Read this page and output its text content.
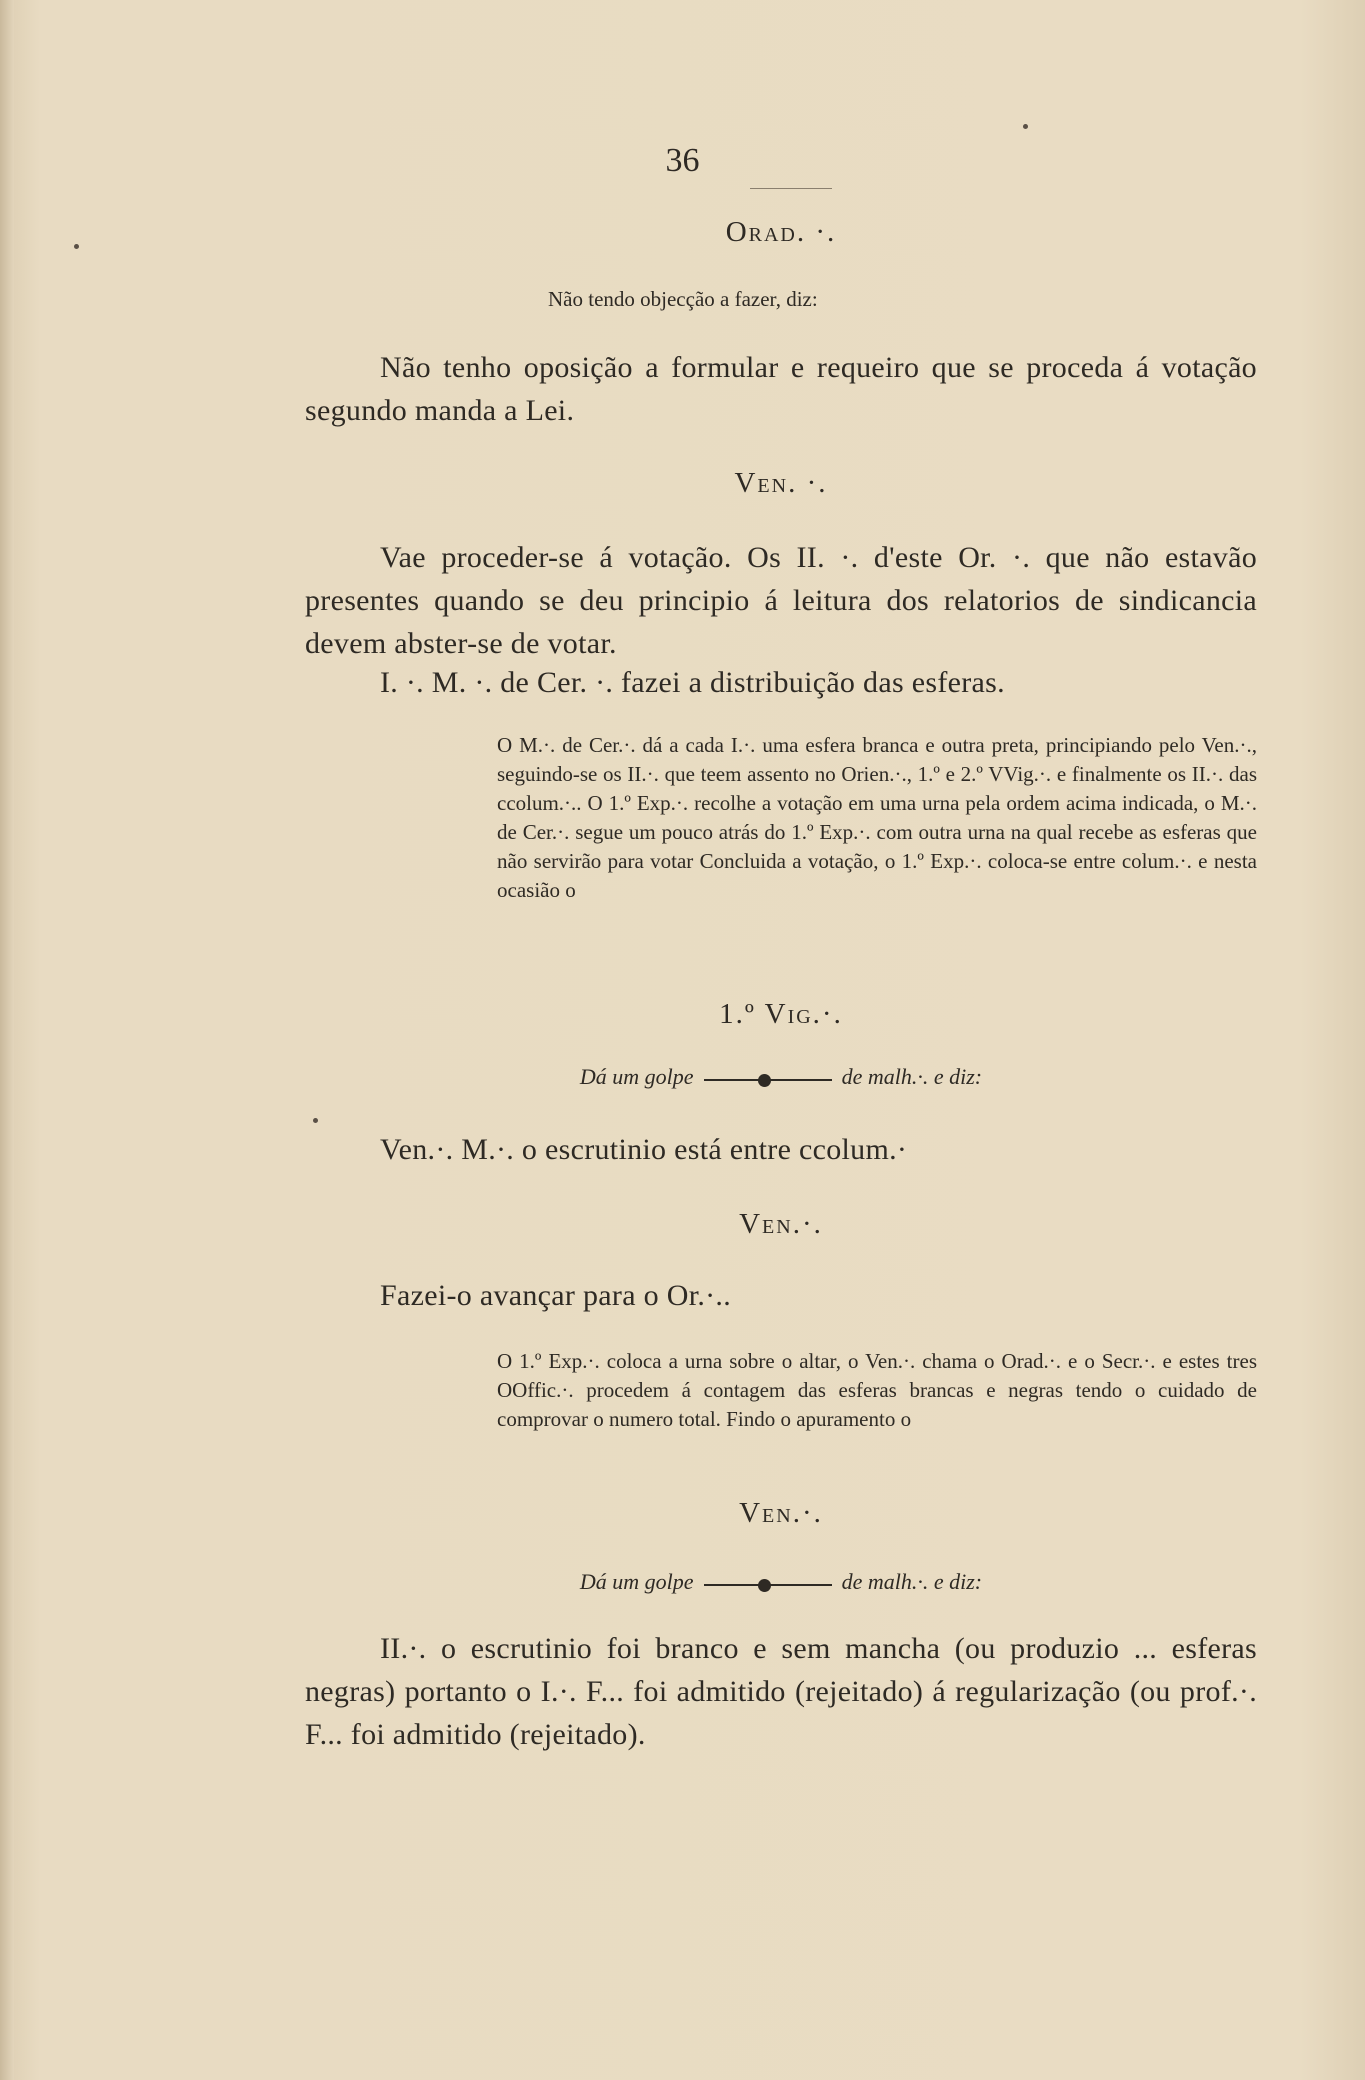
36
Orad. ·.
Não tendo objecção a fazer, diz:
Não tenho oposição a formular e requeiro que se proceda á votação segundo manda a Lei.
Ven. ·.
Vae proceder-se á votação. Os II. ·. d'este Or. ·. que não estavão presentes quando se deu principio á leitura dos relatorios de sindicancia devem abster-se de votar.
I. ·. M. ·. de Cer. ·. fazei a distribuição das esferas.
O M.·. de Cer.·. dá a cada I.·. uma esfera branca e outra preta, principiando pelo Ven.·., seguindo-se os II.·. que teem assento no Orien.·., 1.º e 2.º VVig.·. e finalmente os II.·. das ccolum.·.. O 1.º Exp.·. recolhe a votação em uma urna pela ordem acima indicada, o M.·. de Cer.·. segue um pouco atrás do 1.º Exp.·. com outra urna na qual recebe as esferas que não servirão para votar Concluida a votação, o 1.º Exp.·. coloca-se entre colum.·. e nesta ocasião o
1.º Vig.·.
Dá um golpe	de malh.·. e diz:
Ven.·. M.·. o escrutinio está entre ccolum.·
Ven.·.
Fazei-o avançar para o Or.·..
O 1.º Exp.·. coloca a urna sobre o altar, o Ven.·. chama o Orad.·. e o Secr.·. e estes tres OOffic.·. procedem á contagem das esferas brancas e negras tendo o cuidado de comprovar o numero total. Findo o apuramento o
Ven.·.
Dá um golpe	de malh.·. e diz:
II.·. o escrutinio foi branco e sem mancha (ou produzio ... esferas negras) portanto o I.·. F... foi admitido (rejeitado) á regularização (ou prof.·. F... foi admitido (rejeitado).
